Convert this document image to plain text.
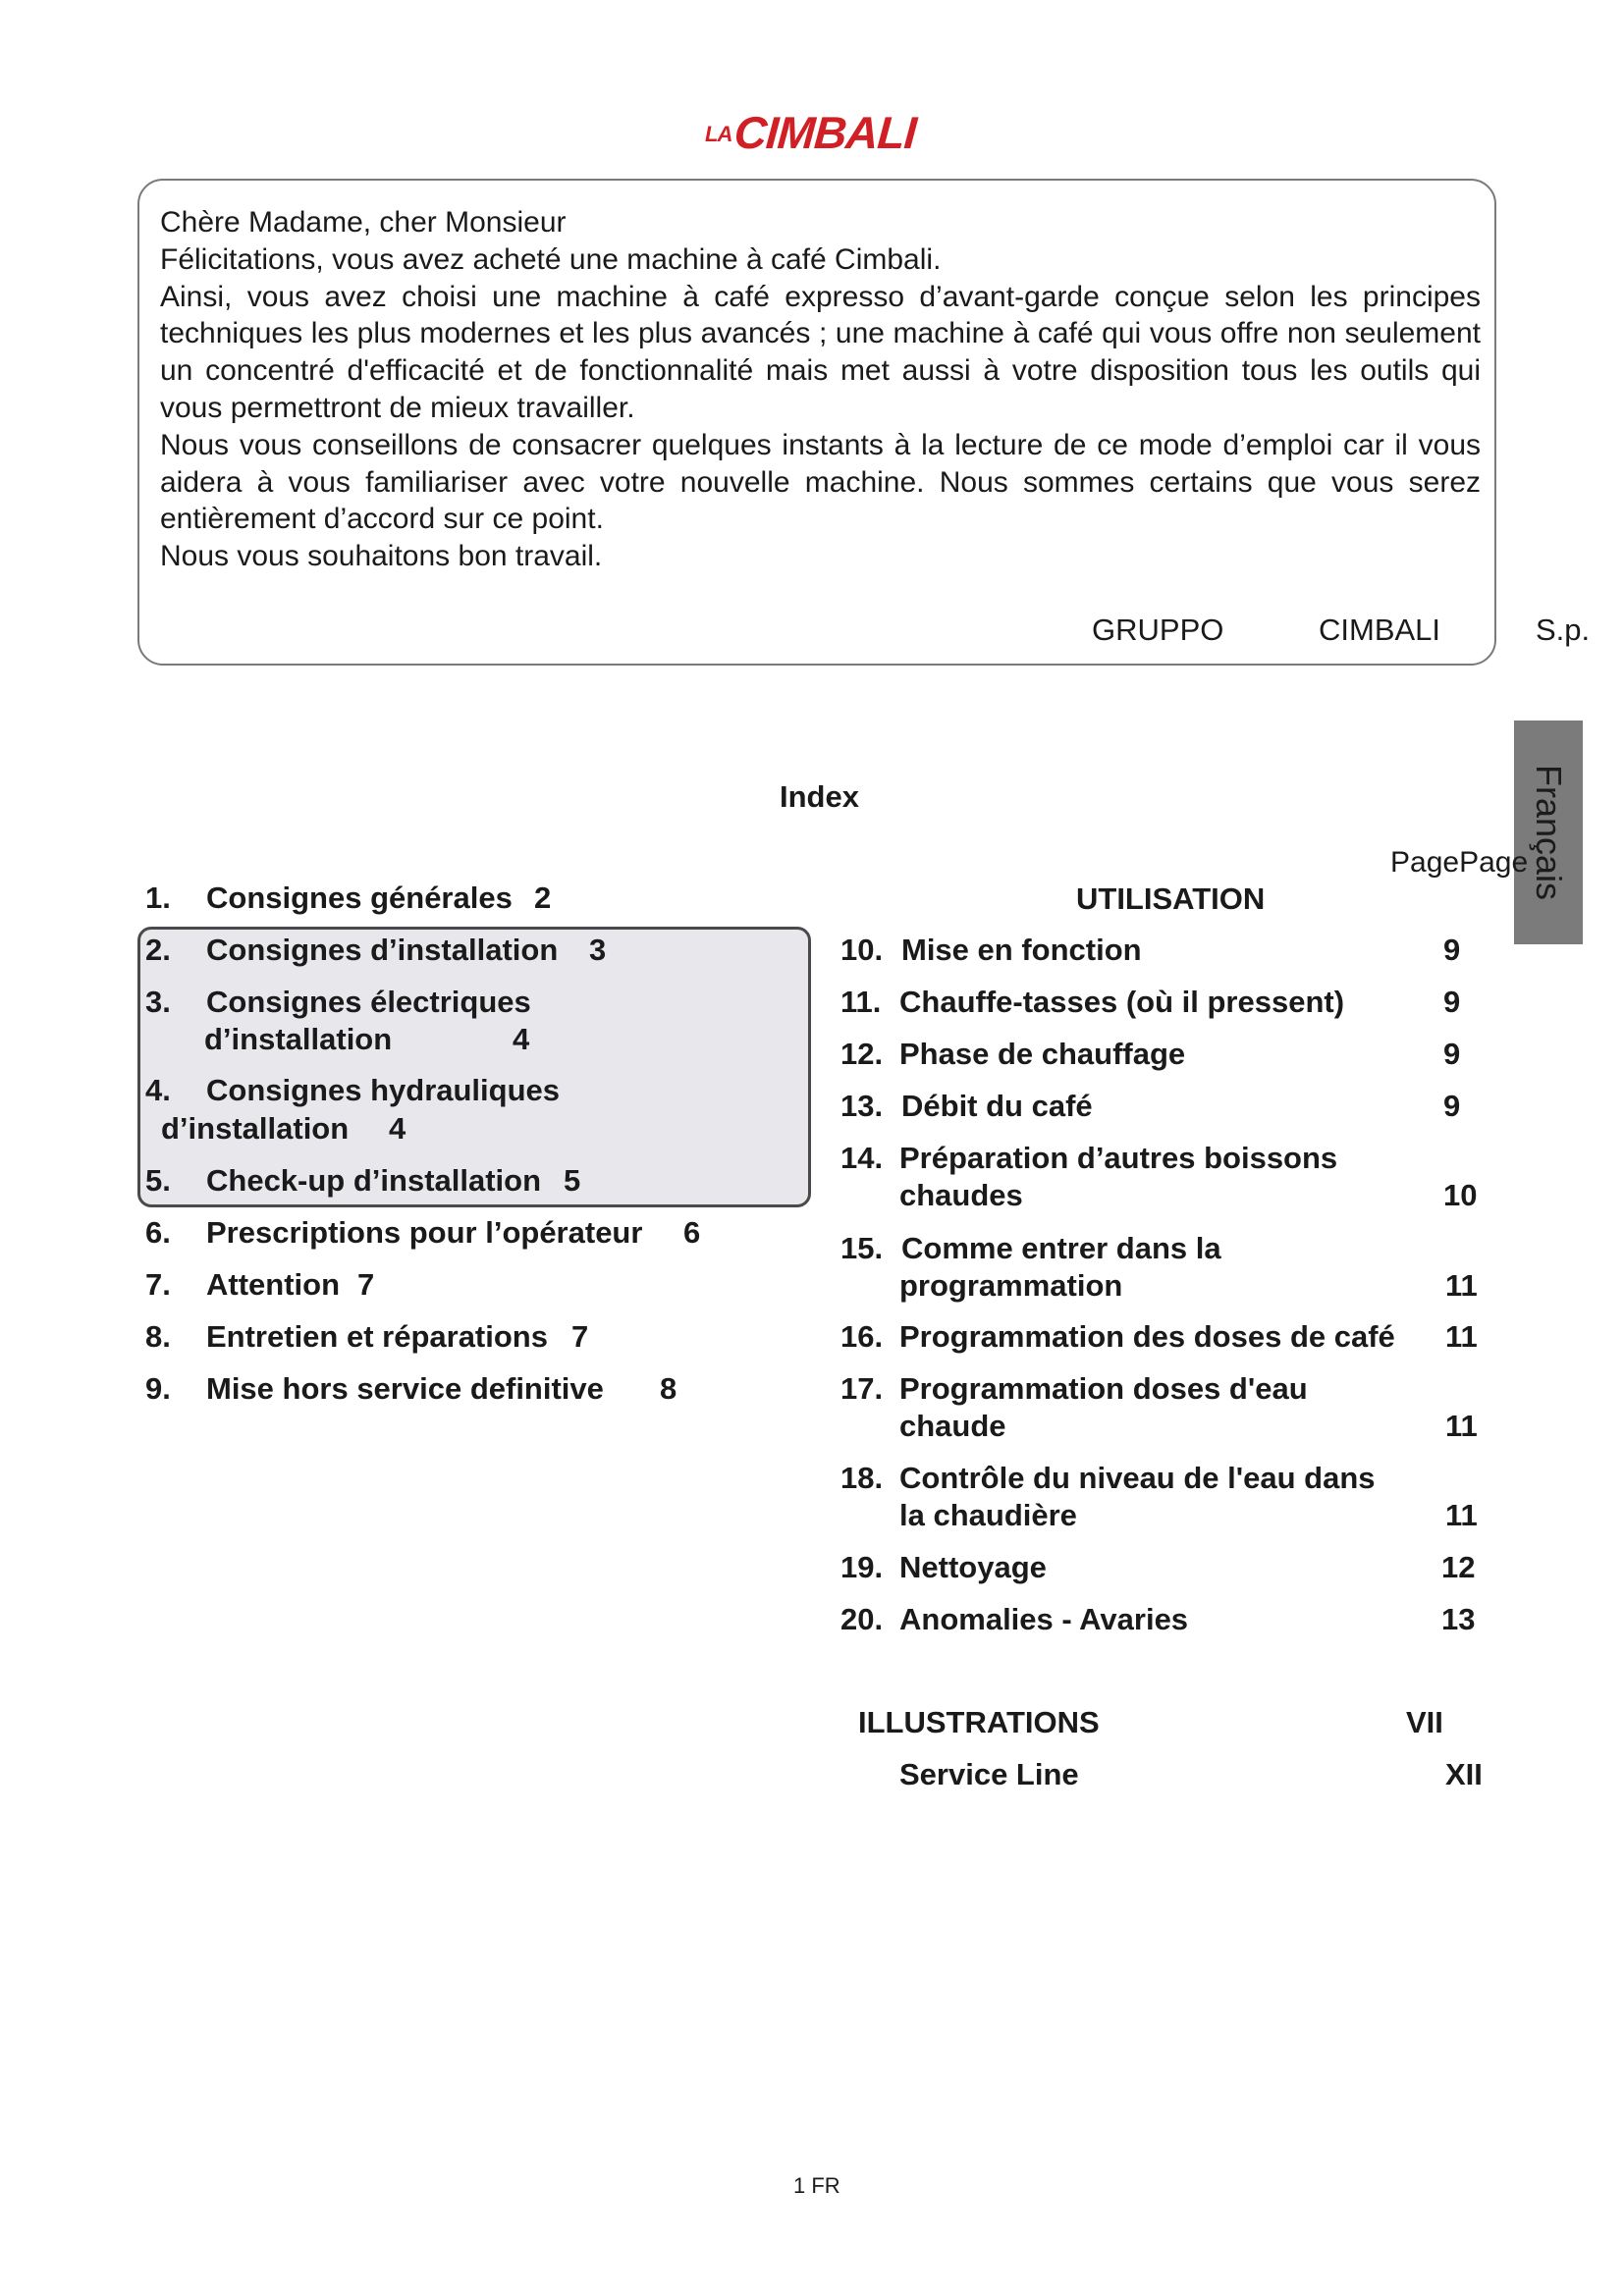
LA CIMBALI

Chère Madame, cher Monsieur

Félicitations, vous avez acheté une machine à café Cimbali.

Ainsi, vous avez choisi une machine à café expresso d’avant-garde conçue selon les principes techniques les plus modernes et les plus avancés ; une machine à café qui vous offre non seulement un concentré d'efficacité et de fonctionnalité mais met aussi à votre disposition tous les outils qui vous permettront de mieux travailler.

Nous vous conseillons de consacrer quelques instants à la lecture de ce mode d’emploi car il vous aidera à vous familiariser avec votre nouvelle machine. Nous sommes certains que vous serez entièrement d’accord sur ce point.

Nous vous souhaitons bon travail.

GRUPPO	CIMBALI	S.p.
Français
Index
PagePage
1. Consignes générales 2
2. Consignes d’installation 3
3. Consignes électriques
d’installation	4
4. Consignes hydrauliques
d’installation 4
5. Check-up d’installation 5
6. Prescriptions pour l’opérateur 6
7. Attention 7
8. Entretien et réparations 7
9. Mise hors service definitive 8
UTILISATION
10. Mise en fonction	9
11. Chauffe-tasses (où il pressent)	9
12. Phase de chauffage	9
13. Débit du café	9
14. Préparation d’autres boissons
chaudes	10
15. Comme entrer dans la
programmation	11
16. Programmation des doses de café 11
17. Programmation doses d'eau
chaude	11
18. Contrôle du niveau de l'eau dans
la chaudière	11
19. Nettoyage	12
20. Anomalies - Avaries	13
ILLUSTRATIONS	VII
Service Line	XII
1 FR
